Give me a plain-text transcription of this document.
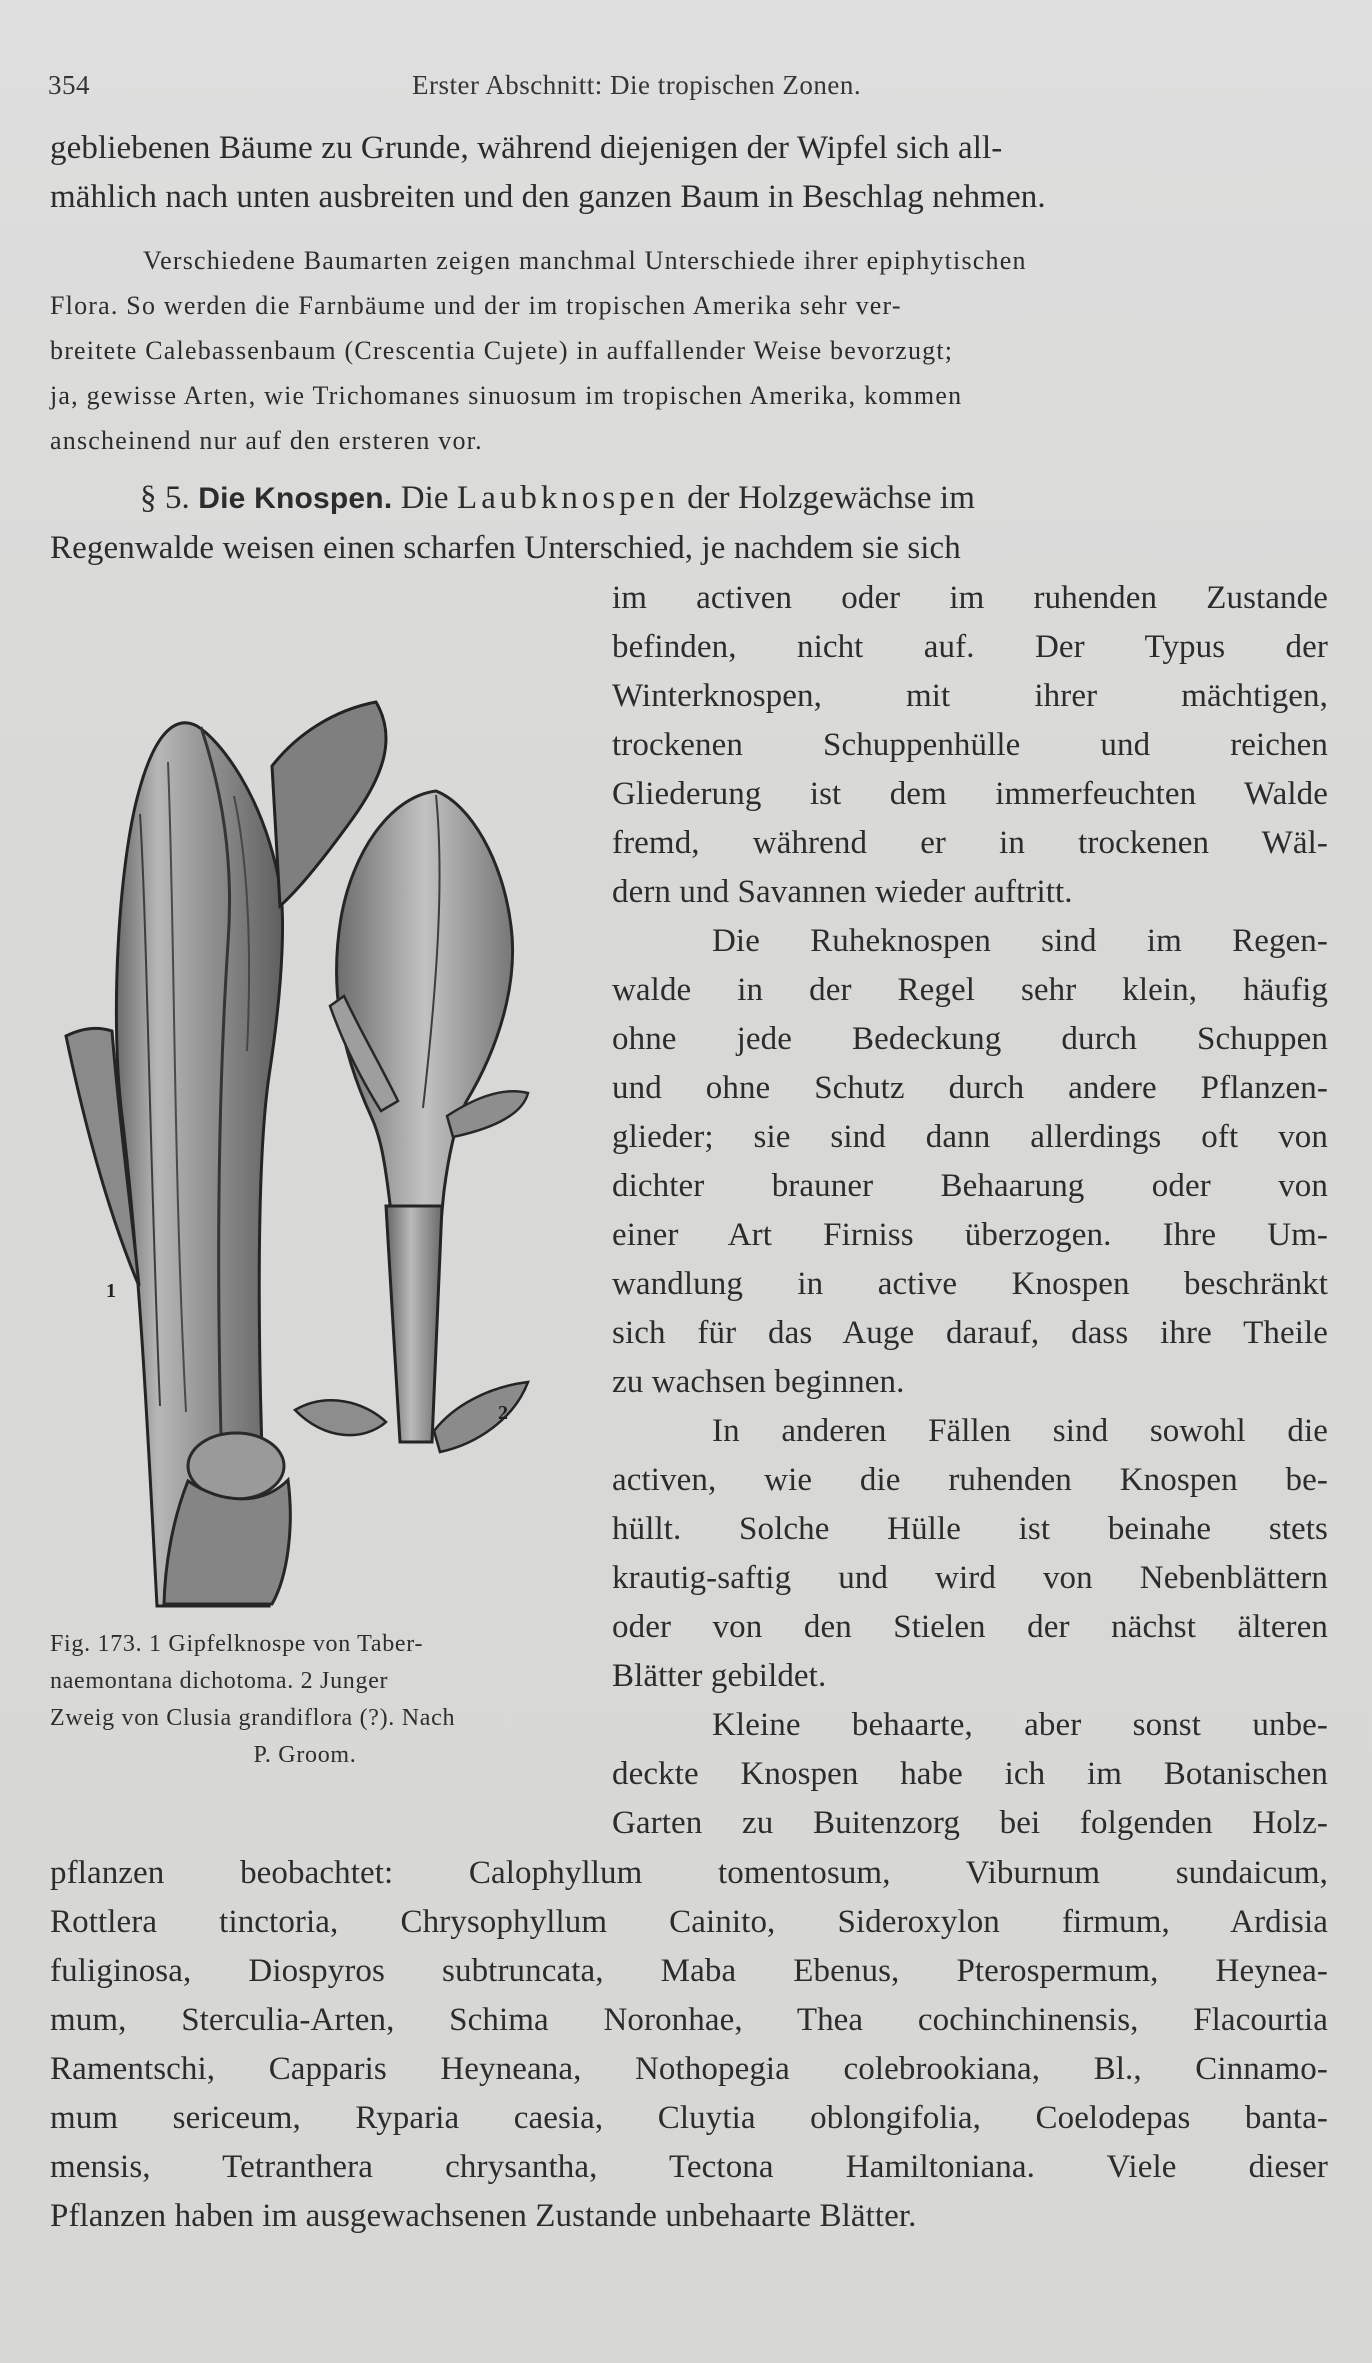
354	Erster Abschnitt: Die tropischen Zonen.
gebliebenen Bäume zu Grunde, während diejenigen der Wipfel sich all-
mählich nach unten ausbreiten und den ganzen Baum in Beschlag nehmen.
Verschiedene Baumarten zeigen manchmal Unterschiede ihrer epiphytischen
Flora. So werden die Farnbäume und der im tropischen Amerika sehr ver-
breitete Calebassenbaum (Crescentia Cujete) in auffallender Weise bevorzugt;
ja, gewisse Arten, wie Trichomanes sinuosum im tropischen Amerika, kommen
anscheinend nur auf den ersteren vor.
§ 5. Die Knospen. Die Laubknospen der Holzgewächse im
Regenwalde weisen einen scharfen Unterschied, je nachdem sie sich
im activen oder im ruhenden Zustande
befinden, nicht auf. Der Typus der
Winterknospen, mit ihrer mächtigen,
trockenen Schuppenhülle und reichen
Gliederung ist dem immerfeuchten Walde
fremd, während er in trockenen Wäl-
dern und Savannen wieder auftritt.
Die Ruheknospen sind im Regen-
walde in der Regel sehr klein, häufig
ohne jede Bedeckung durch Schuppen
und ohne Schutz durch andere Pflanzen-
glieder; sie sind dann allerdings oft von
dichter brauner Behaarung oder von
einer Art Firniss überzogen. Ihre Um-
wandlung in active Knospen beschränkt
sich für das Auge darauf, dass ihre Theile
zu wachsen beginnen.
In anderen Fällen sind sowohl die
activen, wie die ruhenden Knospen be-
hüllt. Solche Hülle ist beinahe stets
krautig-saftig und wird von Nebenblättern
oder von den Stielen der nächst älteren
Blätter gebildet.
Kleine behaarte, aber sonst unbe-
deckte Knospen habe ich im Botanischen
Garten zu Buitenzorg bei folgenden Holz-
1
2
Fig. 173. 1 Gipfelknospe von Taber-
naemontana dichotoma. 2 Junger
Zweig von Clusia grandiflora (?). Nach
P. Groom.
pflanzen beobachtet: Calophyllum tomentosum, Viburnum sundaicum,
Rottlera tinctoria, Chrysophyllum Cainito, Sideroxylon firmum, Ardisia
fuliginosa, Diospyros subtruncata, Maba Ebenus, Pterospermum, Heynea-
mum, Sterculia-Arten, Schima Noronhae, Thea cochinchinensis, Flacourtia
Ramentschi, Capparis Heyneana, Nothopegia colebrookiana, Bl., Cinnamo-
mum sericeum, Ryparia caesia, Cluytia oblongifolia, Coelodepas banta-
mensis, Tetranthera chrysantha, Tectona Hamiltoniana. Viele dieser
Pflanzen haben im ausgewachsenen Zustande unbehaarte Blätter.
